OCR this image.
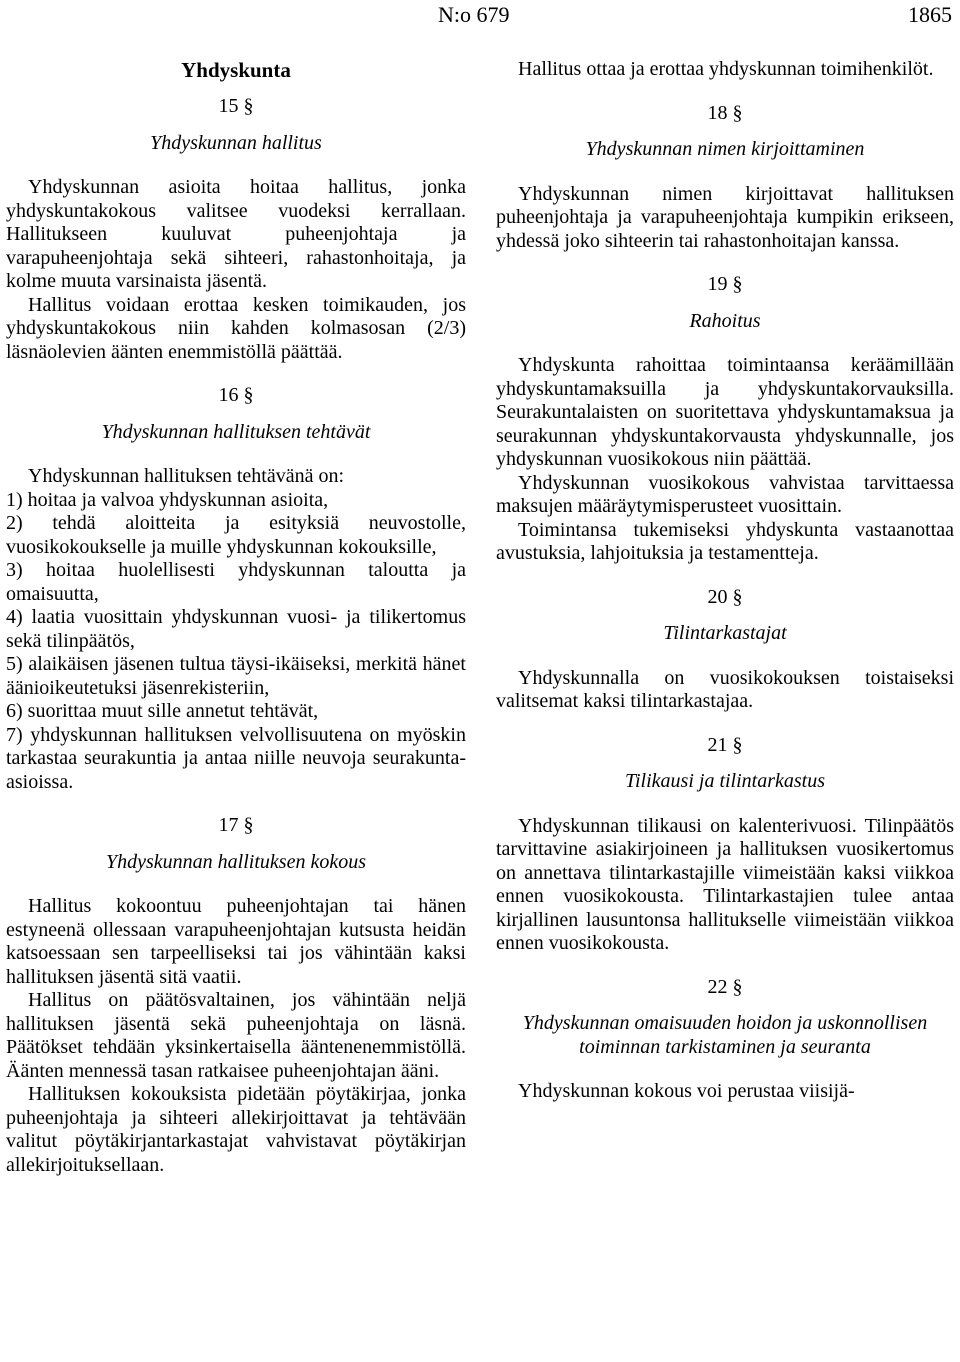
N:o 679	1865
Yhdyskunta
15 §
Yhdyskunnan hallitus

Yhdyskunnan asioita hoitaa hallitus, jonka yhdyskuntakokous valitsee vuodeksi kerrallaan. Hallitukseen kuuluvat puheenjohtaja ja varapuheenjohtaja sekä sihteeri, rahastonhoitaja, ja kolme muuta varsinaista jäsentä.

Hallitus voidaan erottaa kesken toimikauden, jos yhdyskuntakokous niin kahden kolmasosan (2/3) läsnäolevien äänten enemmistöllä päättää.

16 §
Yhdyskunnan hallituksen tehtävät

Yhdyskunnan hallituksen tehtävänä on:

1) hoitaa ja valvoa yhdyskunnan asioita,

2) tehdä aloitteita ja esityksiä neuvostolle, vuosikokoukselle ja muille yhdyskunnan kokouksille,

3) hoitaa huolellisesti yhdyskunnan taloutta ja omaisuutta,

4) laatia vuosittain yhdyskunnan vuosi- ja tilikertomus sekä tilinpäätös,

5) alaikäisen jäsenen tultua täysi-ikäiseksi, merkitä hänet äänioikeutetuksi jäsenrekisteriin,

6) suorittaa muut sille annetut tehtävät,

7) yhdyskunnan hallituksen velvollisuutena on myöskin tarkastaa seurakuntia ja antaa niille neuvoja seurakunta-asioissa.

17 §
Yhdyskunnan hallituksen kokous

Hallitus kokoontuu puheenjohtajan tai hänen estyneenä ollessaan varapuheenjohtajan kutsusta heidän katsoessaan sen tarpeelliseksi tai jos vähintään kaksi hallituksen jäsentä sitä vaatii.

Hallitus on päätösvaltainen, jos vähintään neljä hallituksen jäsentä sekä puheenjohtaja on läsnä. Päätökset tehdään yksinkertaisella ääntenenemmistöllä. Äänten mennessä tasan ratkaisee puheenjohtajan ääni.

Hallituksen kokouksista pidetään pöytäkirjaa, jonka puheenjohtaja ja sihteeri allekirjoittavat ja tehtävään valitut pöytäkirjantarkastajat vahvistavat pöytäkirjan allekirjoituksellaan.

Hallitus ottaa ja erottaa yhdyskunnan toimihenkilöt.

18 §
Yhdyskunnan nimen kirjoittaminen

Yhdyskunnan nimen kirjoittavat hallituksen puheenjohtaja ja varapuheenjohtaja kumpikin erikseen, yhdessä joko sihteerin tai rahastonhoitajan kanssa.

19 §
Rahoitus

Yhdyskunta rahoittaa toimintaansa keräämillään yhdyskuntamaksuilla ja yhdyskuntakorvauksilla. Seurakuntalaisten on suoritettava yhdyskuntamaksua ja seurakunnan yhdyskuntakorvausta yhdyskunnalle, jos yhdyskunnan vuosikokous niin päättää.

Yhdyskunnan vuosikokous vahvistaa tarvittaessa maksujen määräytymisperusteet vuosittain.

Toimintansa tukemiseksi yhdyskunta vastaanottaa avustuksia, lahjoituksia ja testamentteja.

20 §
Tilintarkastajat

Yhdyskunnalla on vuosikokouksen toistaiseksi valitsemat kaksi tilintarkastajaa.

21 §
Tilikausi ja tilintarkastus

Yhdyskunnan tilikausi on kalenterivuosi. Tilinpäätös tarvittavine asiakirjoineen ja hallituksen vuosikertomus on annettava tilintarkastajille viimeistään kaksi viikkoa ennen vuosikokousta. Tilintarkastajien tulee antaa kirjallinen lausuntonsa hallitukselle viimeistään viikkoa ennen vuosikokousta.

22 §
Yhdyskunnan omaisuuden hoidon ja uskonnollisen toiminnan tarkistaminen ja seuranta

Yhdyskunnan kokous voi perustaa viisijä-
